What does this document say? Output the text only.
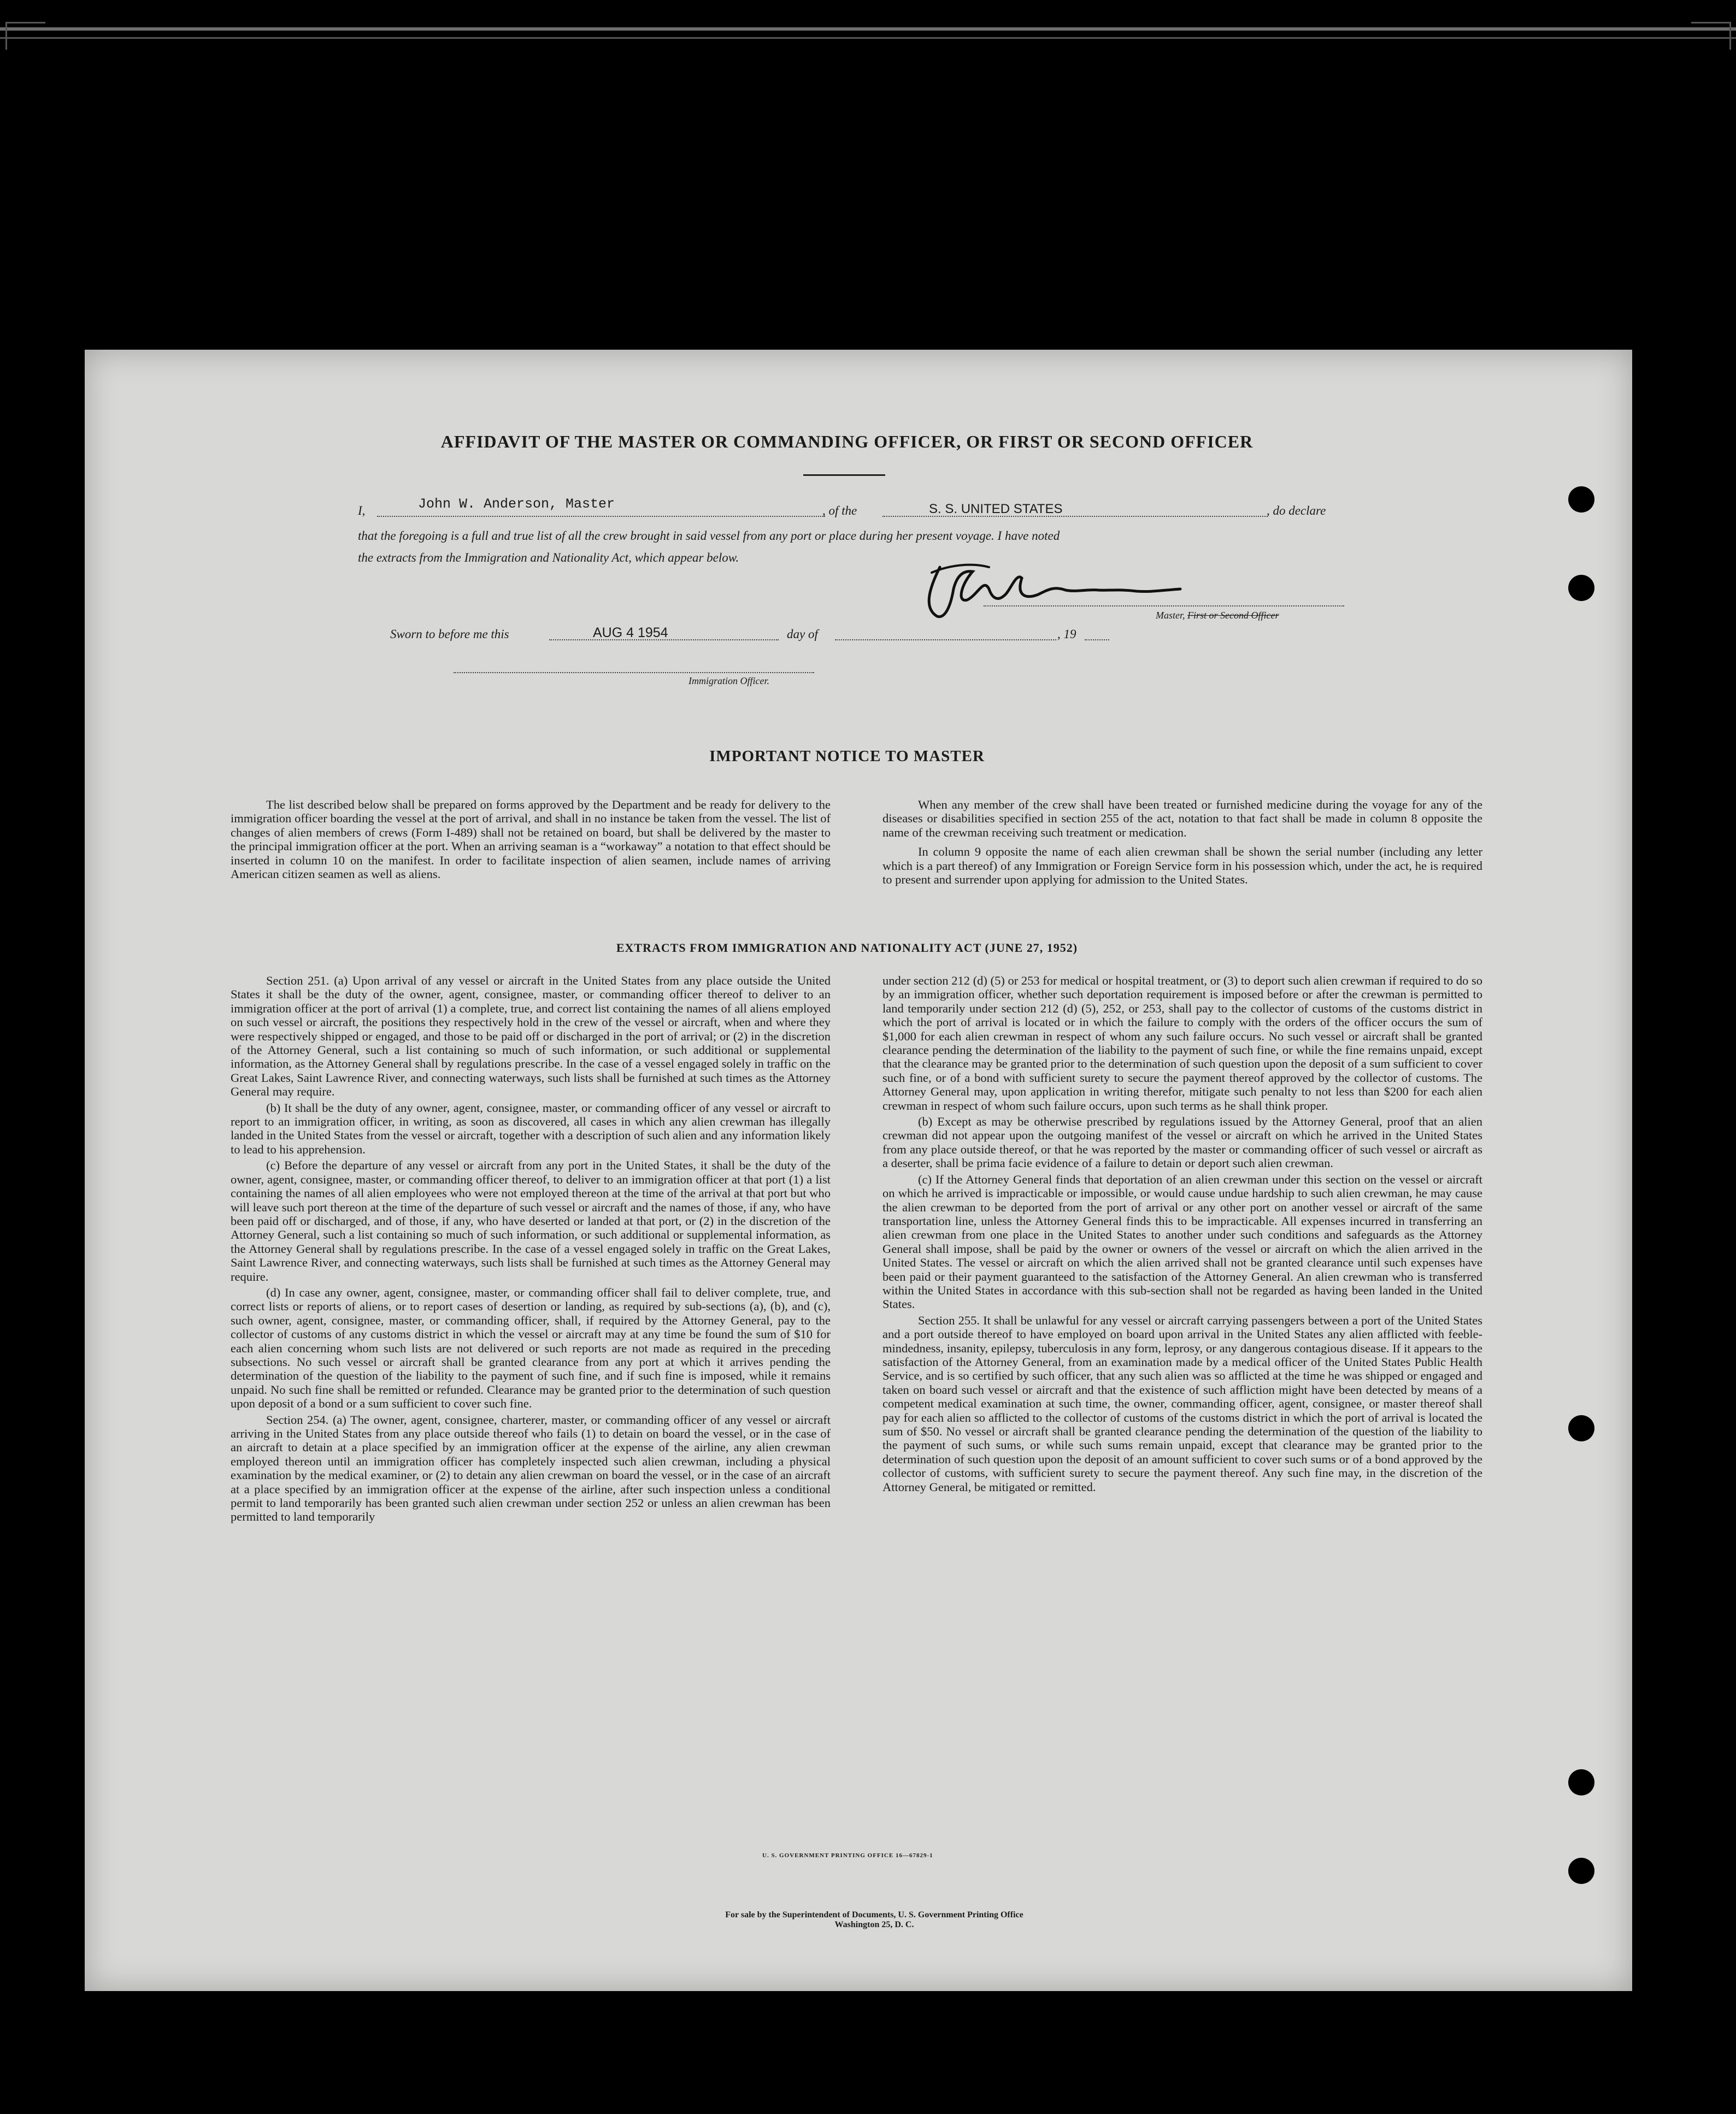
AFFIDAVIT OF THE MASTER OR COMMANDING OFFICER, OR FIRST OR SECOND OFFICER
I,	John W. Anderson, Master	, of the	S. S. UNITED STATES	, do declare
that the foregoing is a full and true list of all the crew brought in said vessel from any port or place during her present voyage. I have noted
the extracts from the Immigration and Nationality Act, which appear below.
Master, First or Second Officer
Sworn to before me this	AUG 4 1954	day of	, 19
Immigration Officer.
IMPORTANT NOTICE TO MASTER

The list described below shall be prepared on forms approved by the Department and be ready for delivery to the immigration officer boarding the vessel at the port of arrival, and shall in no instance be taken from the vessel. The list of changes of alien members of crews (Form I-489) shall not be retained on board, but shall be delivered by the master to the principal immigration officer at the port. When an arriving seaman is a “workaway” a notation to that effect should be inserted in column 10 on the manifest. In order to facilitate inspection of alien seamen, include names of arriving American citizen seamen as well as aliens.

When any member of the crew shall have been treated or furnished medicine during the voyage for any of the diseases or disabilities specified in section 255 of the act, notation to that fact shall be made in column 8 opposite the name of the crewman receiving such treatment or medication.

In column 9 opposite the name of each alien crewman shall be shown the serial number (including any letter which is a part thereof) of any Immigration or Foreign Service form in his possession which, under the act, he is required to present and surrender upon applying for admission to the United States.

EXTRACTS FROM IMMIGRATION AND NATIONALITY ACT (JUNE 27, 1952)

Section 251. (a) Upon arrival of any vessel or aircraft in the United States from any place outside the United States it shall be the duty of the owner, agent, consignee, master, or commanding officer thereof to deliver to an immigration officer at the port of arrival (1) a complete, true, and correct list containing the names of all aliens employed on such vessel or aircraft, the positions they respectively hold in the crew of the vessel or aircraft, when and where they were respectively shipped or engaged, and those to be paid off or discharged in the port of arrival; or (2) in the discretion of the Attorney General, such a list containing so much of such information, or such additional or supplemental information, as the Attorney General shall by regulations prescribe. In the case of a vessel engaged solely in traffic on the Great Lakes, Saint Lawrence River, and connecting waterways, such lists shall be furnished at such times as the Attorney General may require.

(b) It shall be the duty of any owner, agent, consignee, master, or commanding officer of any vessel or aircraft to report to an immigration officer, in writing, as soon as discovered, all cases in which any alien crewman has illegally landed in the United States from the vessel or aircraft, together with a description of such alien and any information likely to lead to his apprehension.

(c) Before the departure of any vessel or aircraft from any port in the United States, it shall be the duty of the owner, agent, consignee, master, or commanding officer thereof, to deliver to an immigration officer at that port (1) a list containing the names of all alien employees who were not employed thereon at the time of the arrival at that port but who will leave such port thereon at the time of the departure of such vessel or aircraft and the names of those, if any, who have been paid off or discharged, and of those, if any, who have deserted or landed at that port, or (2) in the discretion of the Attorney General, such a list containing so much of such information, or such additional or supplemental information, as the Attorney General shall by regulations prescribe. In the case of a vessel engaged solely in traffic on the Great Lakes, Saint Lawrence River, and connecting waterways, such lists shall be furnished at such times as the Attorney General may require.

(d) In case any owner, agent, consignee, master, or commanding officer shall fail to deliver complete, true, and correct lists or reports of aliens, or to report cases of desertion or landing, as required by sub-sections (a), (b), and (c), such owner, agent, consignee, master, or commanding officer, shall, if required by the Attorney General, pay to the collector of customs of any customs district in which the vessel or aircraft may at any time be found the sum of $10 for each alien concerning whom such lists are not delivered or such reports are not made as required in the preceding subsections. No such vessel or aircraft shall be granted clearance from any port at which it arrives pending the determination of the question of the liability to the payment of such fine, and if such fine is imposed, while it remains unpaid. No such fine shall be remitted or refunded. Clearance may be granted prior to the determination of such question upon deposit of a bond or a sum sufficient to cover such fine.

Section 254. (a) The owner, agent, consignee, charterer, master, or commanding officer of any vessel or aircraft arriving in the United States from any place outside thereof who fails (1) to detain on board the vessel, or in the case of an aircraft to detain at a place specified by an immigration officer at the expense of the airline, any alien crewman employed thereon until an immigration officer has completely inspected such alien crewman, including a physical examination by the medical examiner, or (2) to detain any alien crewman on board the vessel, or in the case of an aircraft at a place specified by an immigration officer at the expense of the airline, after such inspection unless a conditional permit to land temporarily has been granted such alien crewman under section 252 or unless an alien crewman has been permitted to land temporarily

under section 212 (d) (5) or 253 for medical or hospital treatment, or (3) to deport such alien crewman if required to do so by an immigration officer, whether such deportation requirement is imposed before or after the crewman is permitted to land temporarily under section 212 (d) (5), 252, or 253, shall pay to the collector of customs of the customs district in which the port of arrival is located or in which the failure to comply with the orders of the officer occurs the sum of $1,000 for each alien crewman in respect of whom any such failure occurs. No such vessel or aircraft shall be granted clearance pending the determination of the liability to the payment of such fine, or while the fine remains unpaid, except that the clearance may be granted prior to the determination of such question upon the deposit of a sum sufficient to cover such fine, or of a bond with sufficient surety to secure the payment thereof approved by the collector of customs. The Attorney General may, upon application in writing therefor, mitigate such penalty to not less than $200 for each alien crewman in respect of whom such failure occurs, upon such terms as he shall think proper.

(b) Except as may be otherwise prescribed by regulations issued by the Attorney General, proof that an alien crewman did not appear upon the outgoing manifest of the vessel or aircraft on which he arrived in the United States from any place outside thereof, or that he was reported by the master or commanding officer of such vessel or aircraft as a deserter, shall be prima facie evidence of a failure to detain or deport such alien crewman.

(c) If the Attorney General finds that deportation of an alien crewman under this section on the vessel or aircraft on which he arrived is impracticable or impossible, or would cause undue hardship to such alien crewman, he may cause the alien crewman to be deported from the port of arrival or any other port on another vessel or aircraft of the same transportation line, unless the Attorney General finds this to be impracticable. All expenses incurred in transferring an alien crewman from one place in the United States to another under such conditions and safeguards as the Attorney General shall impose, shall be paid by the owner or owners of the vessel or aircraft on which the alien arrived in the United States. The vessel or aircraft on which the alien arrived shall not be granted clearance until such expenses have been paid or their payment guaranteed to the satisfaction of the Attorney General. An alien crewman who is transferred within the United States in accordance with this sub-section shall not be regarded as having been landed in the United States.

Section 255. It shall be unlawful for any vessel or aircraft carrying passengers between a port of the United States and a port outside thereof to have employed on board upon arrival in the United States any alien afflicted with feeble-mindedness, insanity, epilepsy, tuberculosis in any form, leprosy, or any dangerous contagious disease. If it appears to the satisfaction of the Attorney General, from an examination made by a medical officer of the United States Public Health Service, and is so certified by such officer, that any such alien was so afflicted at the time he was shipped or engaged and taken on board such vessel or aircraft and that the existence of such affliction might have been detected by means of a competent medical examination at such time, the owner, commanding officer, agent, consignee, or master thereof shall pay for each alien so afflicted to the collector of customs of the customs district in which the port of arrival is located the sum of $50. No vessel or aircraft shall be granted clearance pending the determination of the question of the liability to the payment of such sums, or while such sums remain unpaid, except that clearance may be granted prior to the determination of such question upon the deposit of an amount sufficient to cover such sums or of a bond approved by the collector of customs, with sufficient surety to secure the payment thereof. Any such fine may, in the discretion of the Attorney General, be mitigated or remitted.

U. S. GOVERNMENT PRINTING OFFICE 16—67829-1
For sale by the Superintendent of Documents, U. S. Government Printing Office
Washington 25, D. C.
